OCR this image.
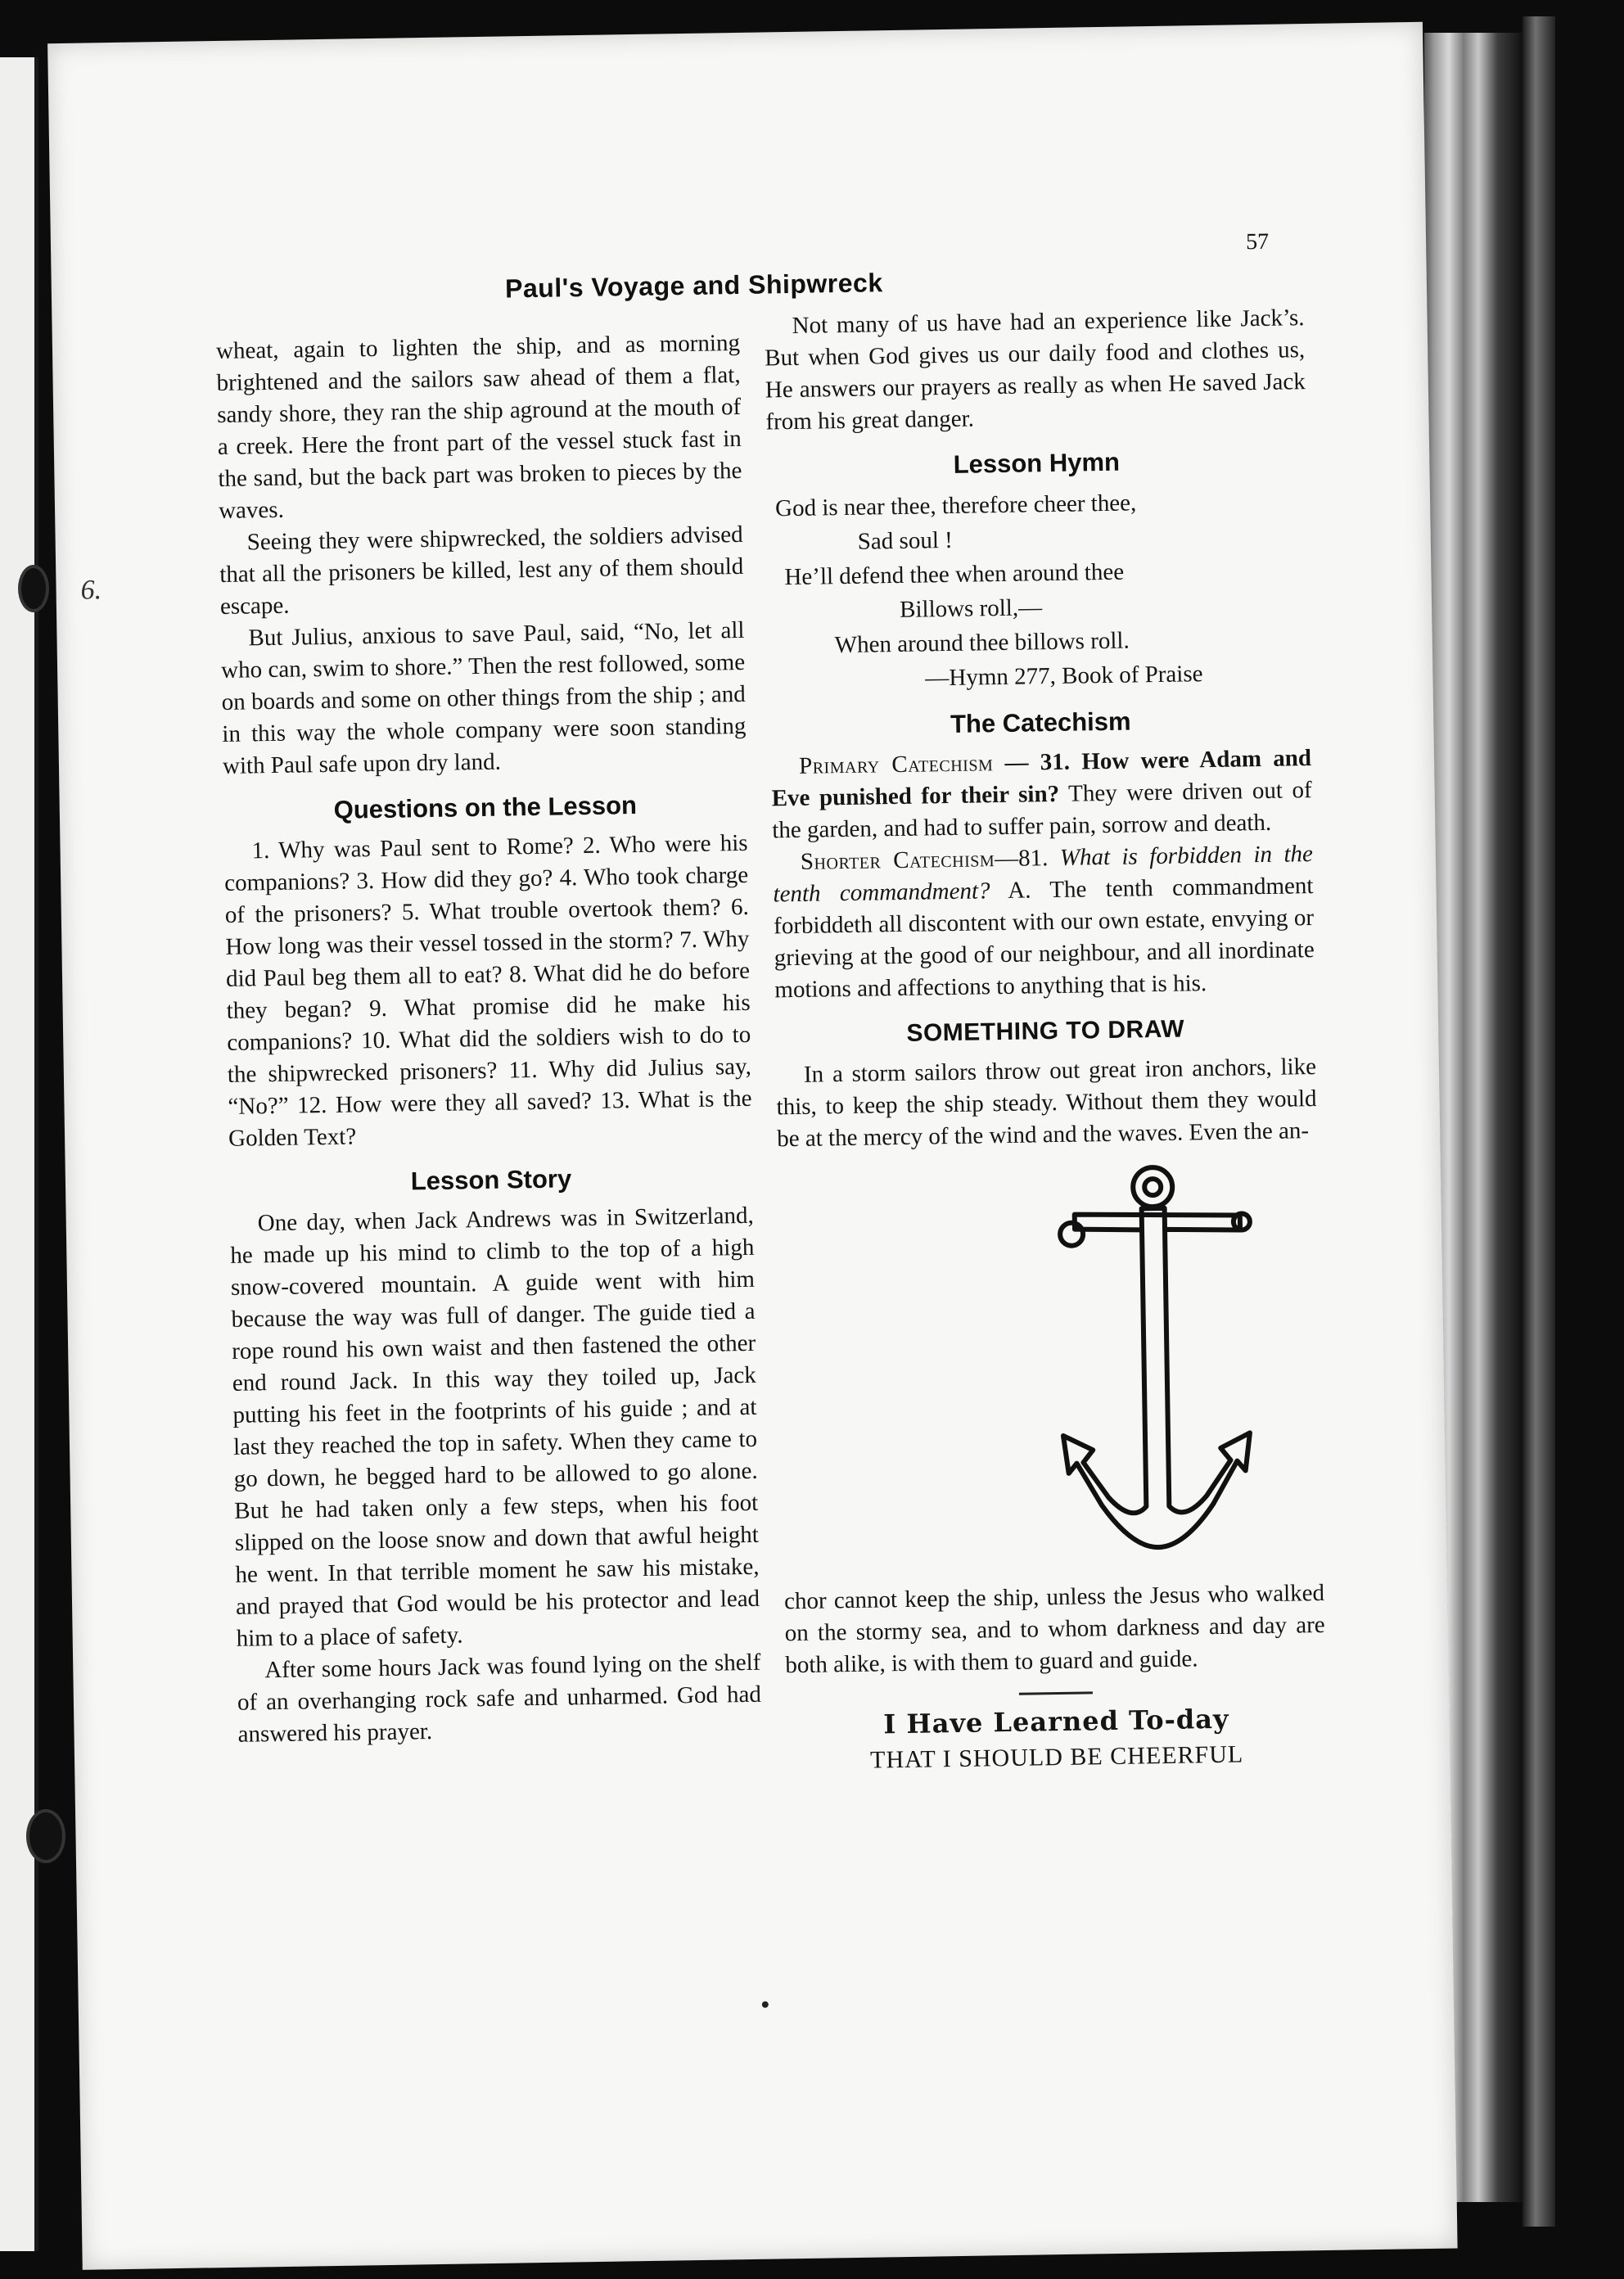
57
Paul's Voyage and Shipwreck
6.

wheat, again to lighten the ship, and as morning brightened and the sailors saw ahead of them a flat, sandy shore, they ran the ship aground at the mouth of a creek. Here the front part of the vessel stuck fast in the sand, but the back part was broken to pieces by the waves.

Seeing they were shipwrecked, the soldiers advised that all the prisoners be killed, lest any of them should escape.

But Julius, anxious to save Paul, said, “No, let all who can, swim to shore.” Then the rest followed, some on boards and some on other things from the ship ; and in this way the whole company were soon standing with Paul safe upon dry land.

Questions on the Lesson

1. Why was Paul sent to Rome? 2. Who were his companions? 3. How did they go? 4. Who took charge of the prisoners? 5. What trouble overtook them? 6. How long was their vessel tossed in the storm? 7. Why did Paul beg them all to eat? 8. What did he do before they began? 9. What promise did he make his companions? 10. What did the soldiers wish to do to the shipwrecked prisoners? 11. Why did Julius say, “No?” 12. How were they all saved? 13. What is the Golden Text?

Lesson Story

One day, when Jack Andrews was in Switzerland, he made up his mind to climb to the top of a high snow-covered mountain. A guide went with him because the way was full of danger. The guide tied a rope round his own waist and then fastened the other end round Jack. In this way they toiled up, Jack putting his feet in the footprints of his guide ; and at last they reached the top in safety. When they came to go down, he begged hard to be allowed to go alone. But he had taken only a few steps, when his foot slipped on the loose snow and down that awful height he went. In that terrible moment he saw his mistake, and prayed that God would be his protector and lead him to a place of safety.

After some hours Jack was found lying on the shelf of an overhanging rock safe and unharmed. God had answered his prayer.

Not many of us have had an experience like Jack’s. But when God gives us our daily food and clothes us, He answers our prayers as really as when He saved Jack from his great danger.

Lesson Hymn
God is near thee, therefore cheer thee,
Sad soul !
He’ll defend thee when around thee
Billows roll,—
When around thee billows roll.
—Hymn 277, Book of Praise
The Catechism

Primary Catechism — 31. How were Adam and Eve punished for their sin? They were driven out of the garden, and had to suffer pain, sorrow and death.

Shorter Catechism—81. What is forbidden in the tenth commandment? A. The tenth commandment forbiddeth all discontent with our own estate, envying or grieving at the good of our neighbour, and all inordinate motions and affections to anything that is his.

SOMETHING TO DRAW

In a storm sailors throw out great iron anchors, like this, to keep the ship steady. Without them they would be at the mercy of the wind and the waves. Even the an-

chor cannot keep the ship, unless the Jesus who walked on the stormy sea, and to whom darkness and day are both alike, is with them to guard and guide.

I Have Learned To-day
THAT I SHOULD BE CHEERFUL
